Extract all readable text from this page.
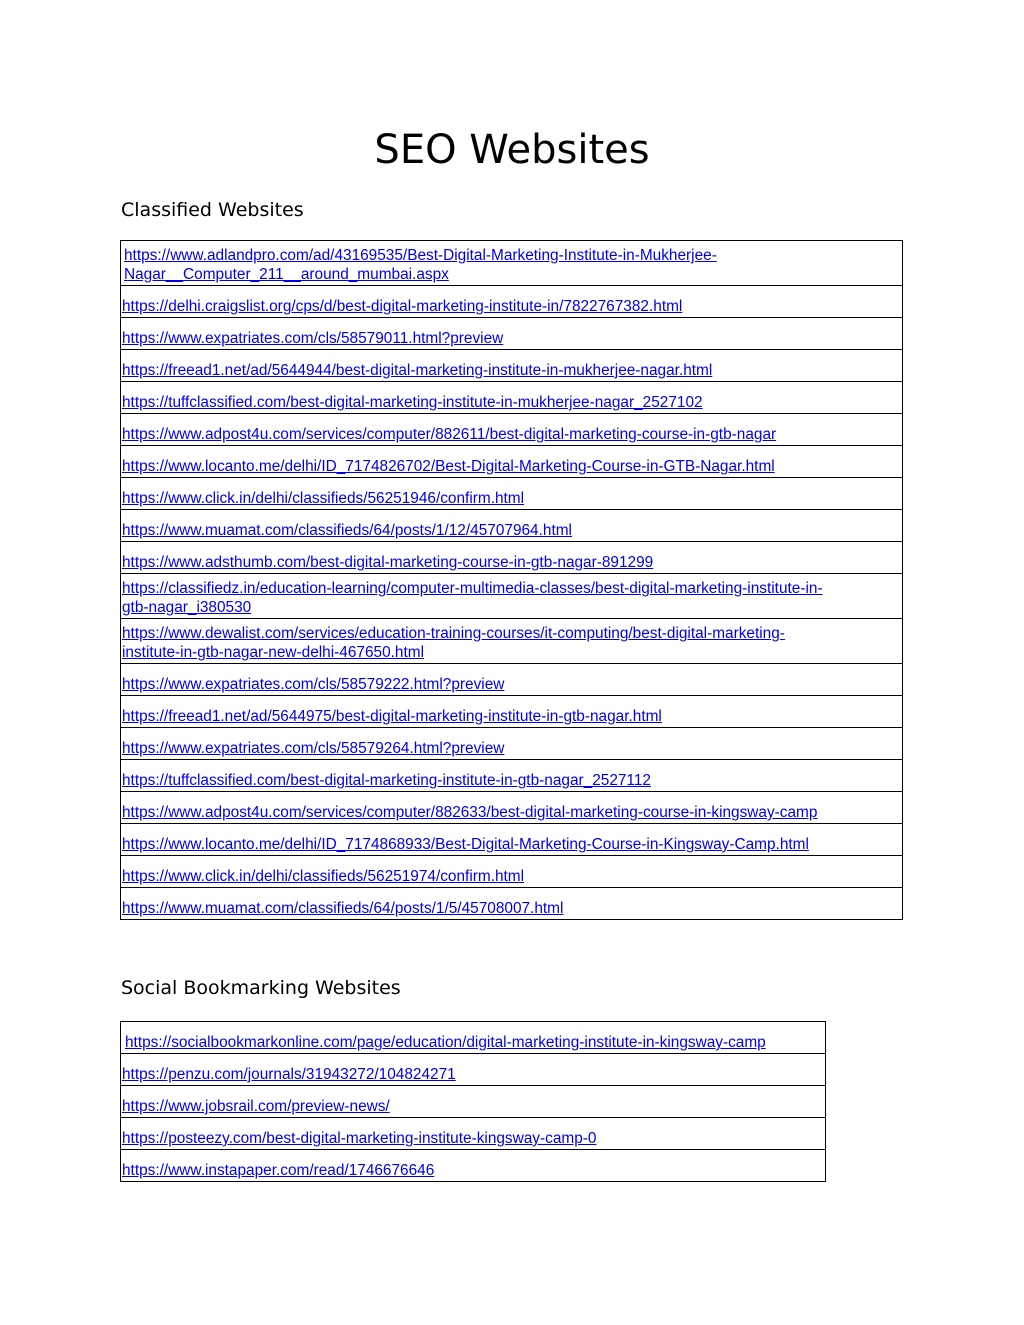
SEO Websites
Classified Websites
https://www.adlandpro.com/ad/43169535/Best-Digital-Marketing-Institute-in-Mukherjee-
Nagar__Computer_211__around_mumbai.aspx

https://delhi.craigslist.org/cps/d/best-digital-marketing-institute-in/7822767382.html

https://www.expatriates.com/cls/58579011.html?preview

https://freead1.net/ad/5644944/best-digital-marketing-institute-in-mukherjee-nagar.html

https://tuffclassified.com/best-digital-marketing-institute-in-mukherjee-nagar_2527102

https://www.adpost4u.com/services/computer/882611/best-digital-marketing-course-in-gtb-nagar

https://www.locanto.me/delhi/ID_7174826702/Best-Digital-Marketing-Course-in-GTB-Nagar.html

https://www.click.in/delhi/classifieds/56251946/confirm.html

https://www.muamat.com/classifieds/64/posts/1/12/45707964.html

https://www.adsthumb.com/best-digital-marketing-course-in-gtb-nagar-891299

https://classifiedz.in/education-learning/computer-multimedia-classes/best-digital-marketing-institute-in-
gtb-nagar_i380530

https://www.dewalist.com/services/education-training-courses/it-computing/best-digital-marketing-
institute-in-gtb-nagar-new-delhi-467650.html

https://www.expatriates.com/cls/58579222.html?preview

https://freead1.net/ad/5644975/best-digital-marketing-institute-in-gtb-nagar.html

https://www.expatriates.com/cls/58579264.html?preview

https://tuffclassified.com/best-digital-marketing-institute-in-gtb-nagar_2527112

https://www.adpost4u.com/services/computer/882633/best-digital-marketing-course-in-kingsway-camp

https://www.locanto.me/delhi/ID_7174868933/Best-Digital-Marketing-Course-in-Kingsway-Camp.html

https://www.click.in/delhi/classifieds/56251974/confirm.html

https://www.muamat.com/classifieds/64/posts/1/5/45708007.html
Social Bookmarking Websites
https://socialbookmarkonline.com/page/education/digital-marketing-institute-in-kingsway-camp

https://penzu.com/journals/31943272/104824271

https://www.jobsrail.com/preview-news/

https://posteezy.com/best-digital-marketing-institute-kingsway-camp-0

https://www.instapaper.com/read/1746676646
